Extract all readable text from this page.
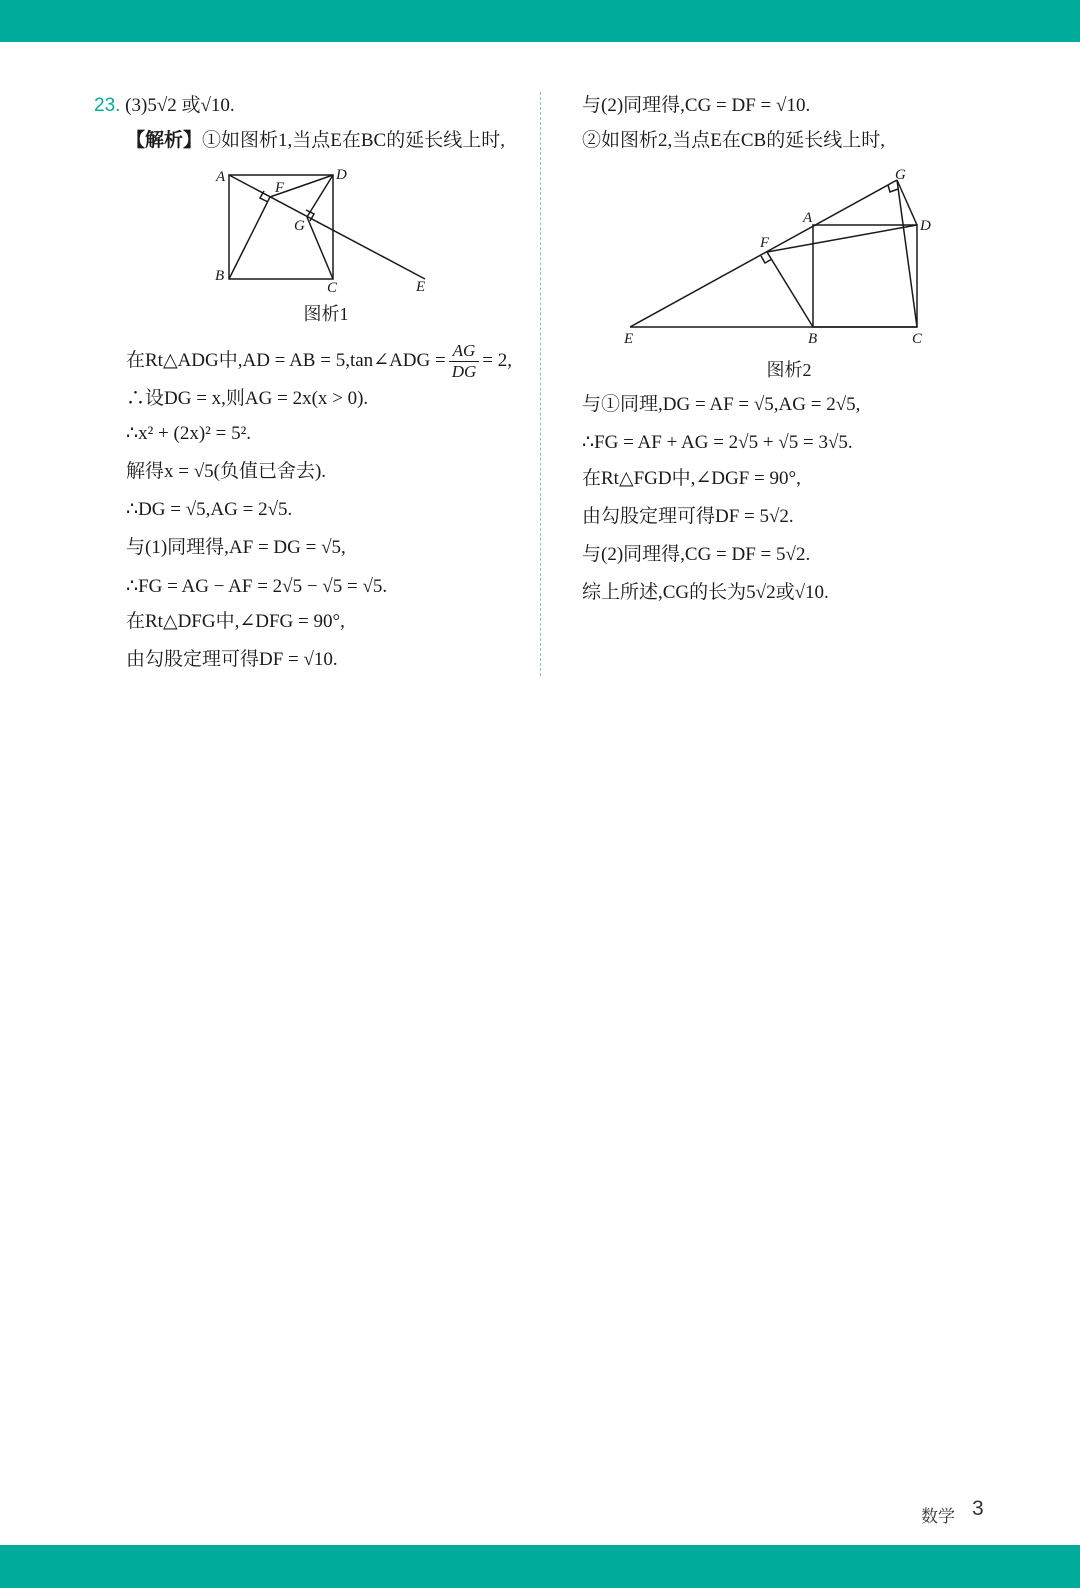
23. (3)5√2 或√10.
【解析】①如图析1,当点E在BC的延长线上时,
A	D
F
G
B
C	E
图析1
在Rt△ADG中,AD = AB = 5,tan∠ADG = $\frac{AG}{DG} = 2$,
∴设DG = x,则AG = 2x(x > 0).
∴x² + (2x)² = 5².
解得x = √5(负值已舍去).
∴DG = √5,AG = 2√5.
与(1)同理得,AF = DG = √5,
∴FG = AG − AF = 2√5 − √5 = √5.
在Rt△DFG中,∠DFG = 90°,
由勾股定理可得DF = √10.
与(2)同理得,CG = DF = √10.
②如图析2,当点E在CB的延长线上时,
G
A	D
F
E	B	C
图析2
与①同理,DG = AF = √5,AG = 2√5,
∴FG = AF + AG = 2√5 + √5 = 3√5.
在Rt△FGD中,∠DGF = 90°,
由勾股定理可得DF = 5√2.
与(2)同理得,CG = DF = 5√2.
综上所述,CG的长为5√2或√10.
数学 3
